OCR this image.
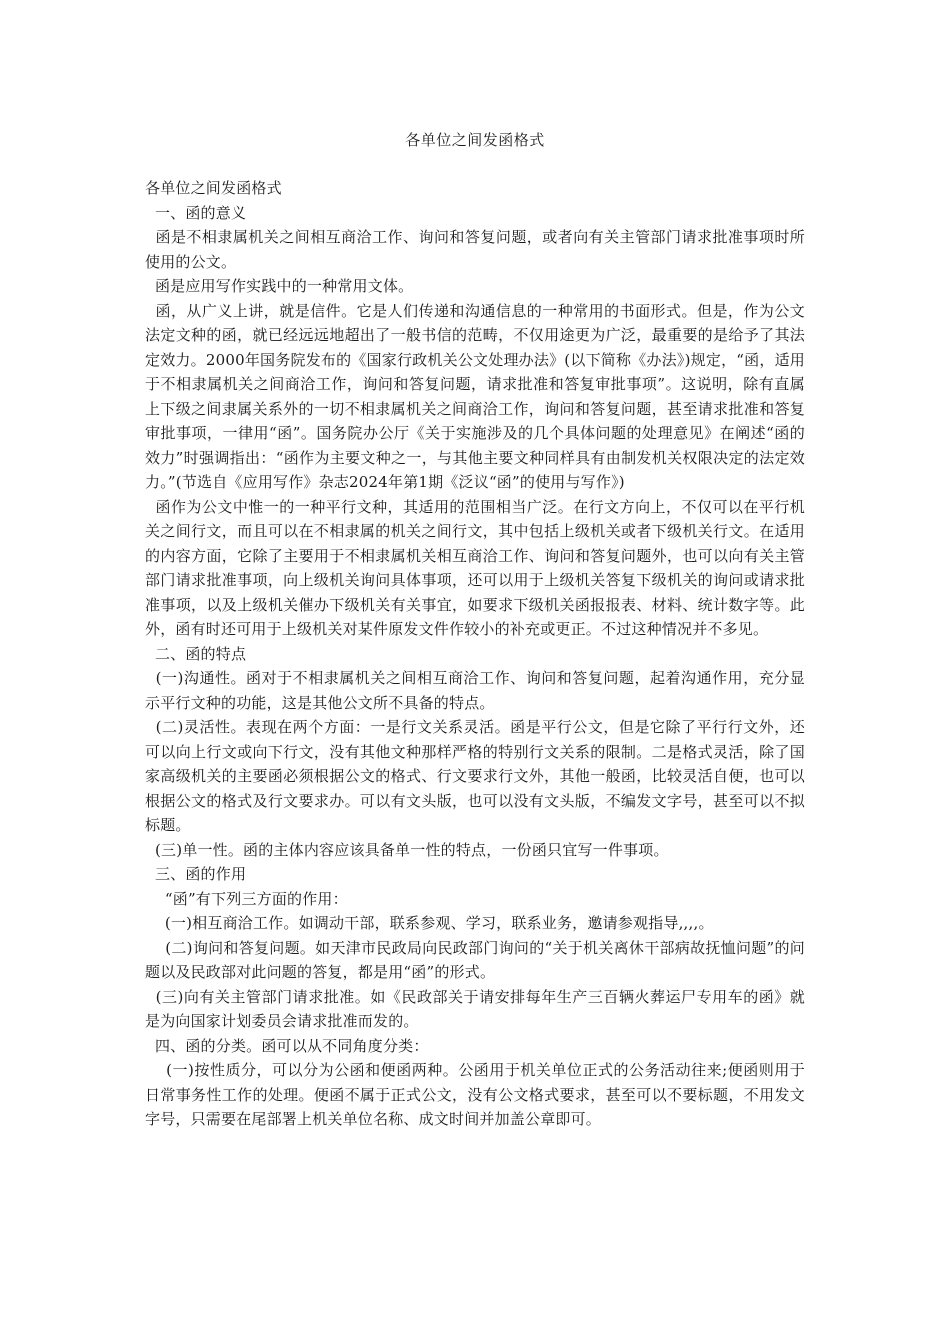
各单位之间发函格式

各单位之间发函格式

一、函的意义

函是不相隶属机关之间相互商洽工作、询问和答复问题，或者向有关主管部门请求批准事项时所使用的公文。

函是应用写作实践中的一种常用文体。

函，从广义上讲，就是信件。它是人们传递和沟通信息的一种常用的书面形式。但是，作为公文法定文种的函，就已经远远地超出了一般书信的范畴，不仅用途更为广泛，最重要的是给予了其法定效力。2000年国务院发布的《国家行政机关公文处理办法》(以下简称《办法》)规定，“函，适用于不相隶属机关之间商洽工作，询问和答复问题，请求批准和答复审批事项”。这说明，除有直属上下级之间隶属关系外的一切不相隶属机关之间商洽工作，询问和答复问题，甚至请求批准和答复审批事项，一律用“函”。国务院办公厅《关于实施涉及的几个具体问题的处理意见》在阐述“函的效力”时强调指出：“函作为主要文种之一，与其他主要文种同样具有由制发机关权限决定的法定效力。”(节选自《应用写作》杂志2024年第1期《泛议“函”的使用与写作》)

函作为公文中惟一的一种平行文种，其适用的范围相当广泛。在行文方向上，不仅可以在平行机关之间行文，而且可以在不相隶属的机关之间行文，其中包括上级机关或者下级机关行文。在适用的内容方面，它除了主要用于不相隶属机关相互商洽工作、询问和答复问题外，也可以向有关主管部门请求批准事项，向上级机关询问具体事项，还可以用于上级机关答复下级机关的询问或请求批准事项，以及上级机关催办下级机关有关事宜，如要求下级机关函报报表、材料、统计数字等。此外，函有时还可用于上级机关对某件原发文件作较小的补充或更正。不过这种情况并不多见。

二、函的特点

(一)沟通性。函对于不相隶属机关之间相互商洽工作、询问和答复问题，起着沟通作用，充分显示平行文种的功能，这是其他公文所不具备的特点。

(二)灵活性。表现在两个方面：一是行文关系灵活。函是平行公文，但是它除了平行行文外，还可以向上行文或向下行文，没有其他文种那样严格的特别行文关系的限制。二是格式灵活，除了国家高级机关的主要函必须根据公文的格式、行文要求行文外，其他一般函，比较灵活自便，也可以根据公文的格式及行文要求办。可以有文头版，也可以没有文头版，不编发文字号，甚至可以不拟标题。

(三)单一性。函的主体内容应该具备单一性的特点，一份函只宜写一件事项。

三、函的作用

“函”有下列三方面的作用：

(一)相互商洽工作。如调动干部，联系参观、学习，联系业务，邀请参观指导,,,,。

(二)询问和答复问题。如天津市民政局向民政部门询问的“关于机关离休干部病故抚恤问题”的问题以及民政部对此问题的答复，都是用“函”的形式。

(三)向有关主管部门请求批准。如《民政部关于请安排每年生产三百辆火葬运尸专用车的函》就是为向国家计划委员会请求批准而发的。

四、函的分类。函可以从不同角度分类：

(一)按性质分，可以分为公函和便函两种。公函用于机关单位正式的公务活动往来;便函则用于日常事务性工作的处理。便函不属于正式公文，没有公文格式要求，甚至可以不要标题，不用发文字号，只需要在尾部署上机关单位名称、成文时间并加盖公章即可。
